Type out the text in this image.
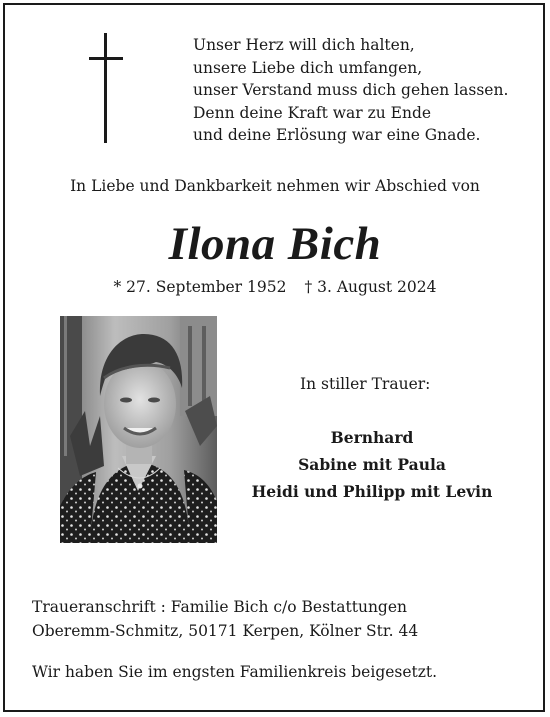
Unser Herz will dich halten,
unsere Liebe dich umfangen,
unser Verstand muss dich gehen lassen.
Denn deine Kraft war zu Ende
und deine Erlösung war eine Gnade.
In Liebe und Dankbarkeit nehmen wir Abschied von
Ilona Bich
* 27. September 1952 † 3. August 2024
In stiller Trauer:
Bernhard
Sabine mit Paula
Heidi und Philipp mit Levin
Traueranschrift : Familie Bich c/o Bestattungen
Oberemm-Schmitz, 50171 Kerpen, Kölner Str. 44
Wir haben Sie im engsten Familienkreis beigesetzt.
